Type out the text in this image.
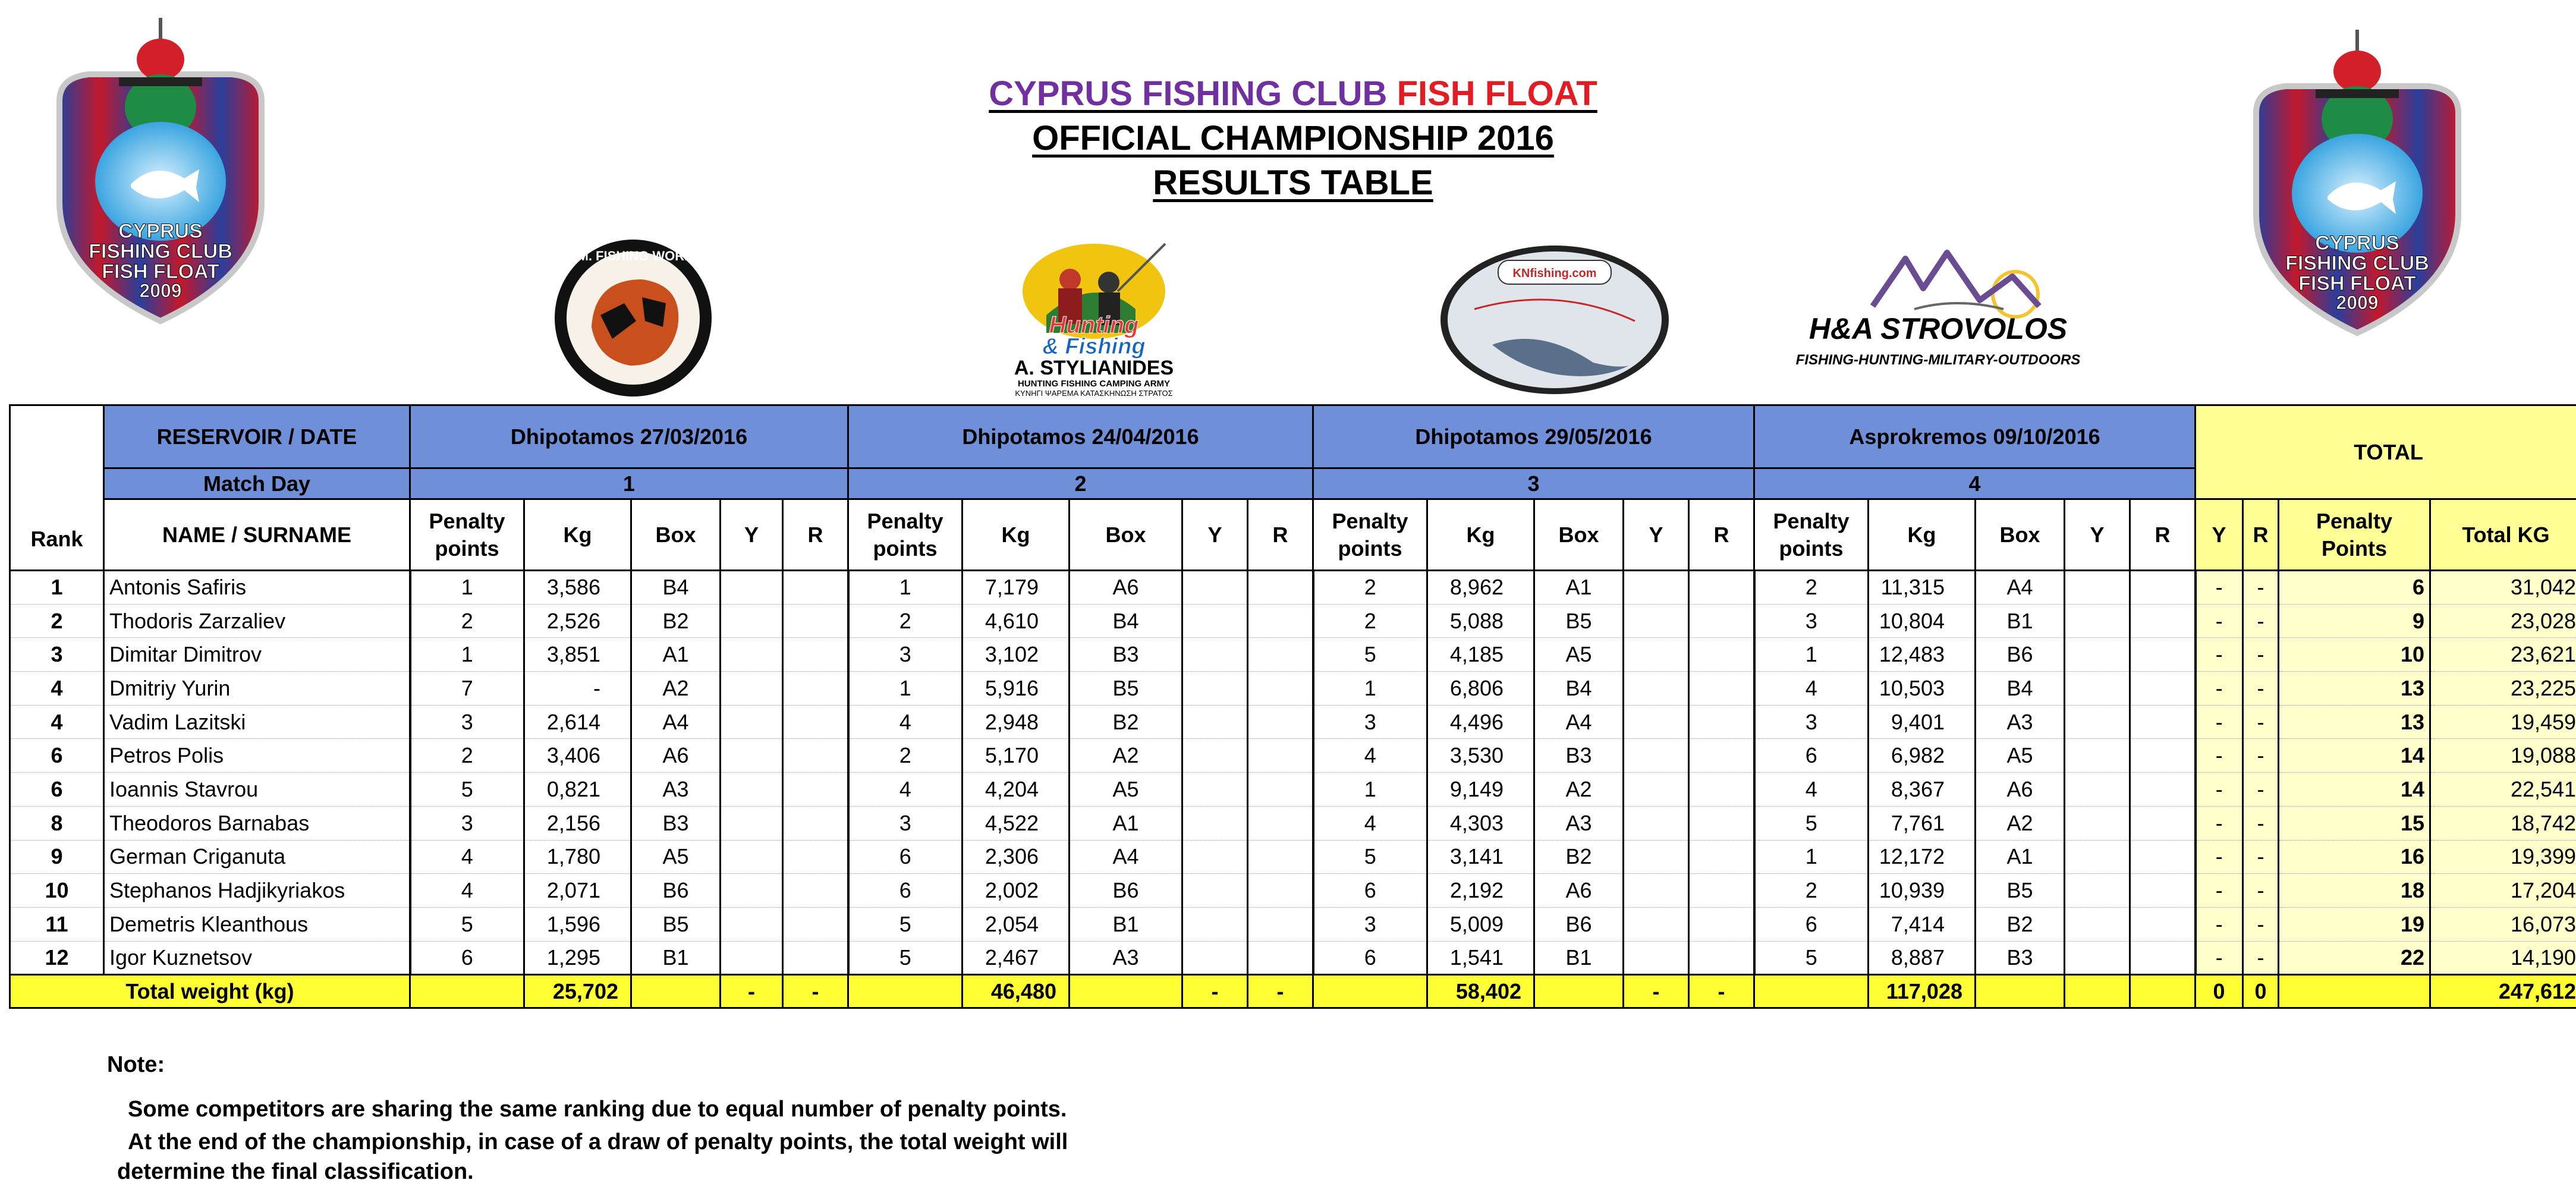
CYPRUS
FISHING CLUB
FISH FLOAT
2009
CYPRUS
FISHING CLUB
FISH FLOAT
2009
CYPRUS FISHING CLUB FISH FLOAT
OFFICIAL CHAMPIONSHIP 2016
RESULTS TABLE
A.M. FISHING WORLD
Hunting
& Fishing
A. STYLIANIDES
HUNTING FISHING CAMPING ARMY
ΚΥΝΗΓΙ ΨΑΡΕΜΑ ΚΑΤΑΣΚΗΝΩΣΗ ΣΤΡΑΤΟΣ
KNfishing.com
H&A STROVOLOS
FISHING-HUNTING-MILITARY-OUTDOORS
Rank	RESERVOIR / DATE	Dhipotamos 27/03/2016					Dhipotamos 24/04/2016					Dhipotamos 29/05/2016					Asprokremos 09/10/2016					TOTAL			
	Match Day	1					2					3					4								
	NAME / SURNAME	Penalty points	Kg	Box	Y	R	Penalty points	Kg	Box	Y	R	Penalty points	Kg	Box	Y	R	Penalty points	Kg	Box	Y	R	Y	R	Penalty Points	Total KG
1	Antonis Safiris	1	3,586	B4			1	7,179	A6			2	8,962	A1			2	11,315	A4			-	-	6	31,042
2	Thodoris Zarzaliev	2	2,526	B2			2	4,610	B4			2	5,088	B5			3	10,804	B1			-	-	9	23,028
3	Dimitar Dimitrov	1	3,851	A1			3	3,102	B3			5	4,185	A5			1	12,483	B6			-	-	10	23,621
4	Dmitriy Yurin	7	-	A2			1	5,916	B5			1	6,806	B4			4	10,503	B4			-	-	13	23,225
4	Vadim Lazitski	3	2,614	A4			4	2,948	B2			3	4,496	A4			3	9,401	A3			-	-	13	19,459
6	Petros Polis	2	3,406	A6			2	5,170	A2			4	3,530	B3			6	6,982	A5			-	-	14	19,088
6	Ioannis Stavrou	5	0,821	A3			4	4,204	A5			1	9,149	A2			4	8,367	A6			-	-	14	22,541
8	Theodoros Barnabas	3	2,156	B3			3	4,522	A1			4	4,303	A3			5	7,761	A2			-	-	15	18,742
9	German Criganuta	4	1,780	A5			6	2,306	A4			5	3,141	B2			1	12,172	A1			-	-	16	19,399
10	Stephanos Hadjikyriakos	4	2,071	B6			6	2,002	B6			6	2,192	A6			2	10,939	B5			-	-	18	17,204
11	Demetris Kleanthous	5	1,596	B5			5	2,054	B1			3	5,009	B6			6	7,414	B2			-	-	19	16,073
12	Igor Kuznetsov	6	1,295	B1			5	2,467	A3			6	1,541	B1			5	8,887	B3			-	-	22	14,190
Total weight (kg)			25,702		-	-		46,480		-	-		58,402		-	-		117,028				0	0		247,612
Note:
Some competitors are sharing the same ranking due to equal number of penalty points.
At the end of the championship, in case of a draw of penalty points, the total weight will
determine the final classification.
